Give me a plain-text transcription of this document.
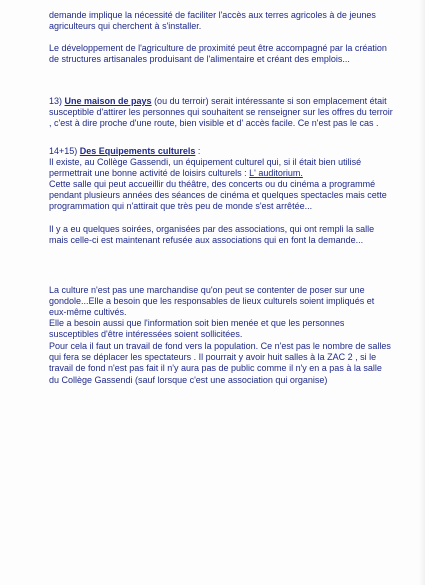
demande implique la nécessité de faciliter l'accès aux terres agricoles à de jeunes agriculteurs qui cherchent à s'installer.

Le développement de l'agriculture de proximité peut être accompagné par la création de structures artisanales produisant de l'alimentaire et créant des emplois...

13) Une maison de pays (ou du terroir) serait intéressante si son emplacement était susceptible d'attirer les personnes qui souhaitent se renseigner sur les offres du terroir , c'est à dire proche d'une route, bien visible et d' accès facile. Ce n'est pas le cas .

14+15) Des Equipements culturels :

Il existe, au Collège Gassendi, un équipement culturel qui, si il était bien utilisé permettrait une bonne activité de loisirs culturels : L' auditorium.

Cette salle qui peut accueillir du théâtre, des concerts ou du cinéma a programmé pendant plusieurs années des séances de cinéma et quelques spectacles mais cette programmation qui n'attirait que très peu de monde s'est arrêtée...

Il y a eu quelques soirées, organisées par des associations, qui ont rempli la salle mais celle-ci est maintenant refusée aux associations qui en font la demande...

La culture n'est pas une marchandise qu'on peut se contenter de poser sur une gondole...Elle a besoin que les responsables de lieux culturels soient impliqués et eux-même cultivés.

Elle a besoin aussi que l'information soit bien menée et que les personnes susceptibles d'être intéressées soient sollicitées.

Pour cela il faut un travail de fond vers la population. Ce n'est pas le nombre de salles qui fera se déplacer les spectateurs . Il pourrait y avoir huit salles à la ZAC 2 , si le travail de fond n'est pas fait il n'y aura pas de public comme il n'y en a pas à la salle du Collège Gassendi (sauf lorsque c'est une association qui organise)
